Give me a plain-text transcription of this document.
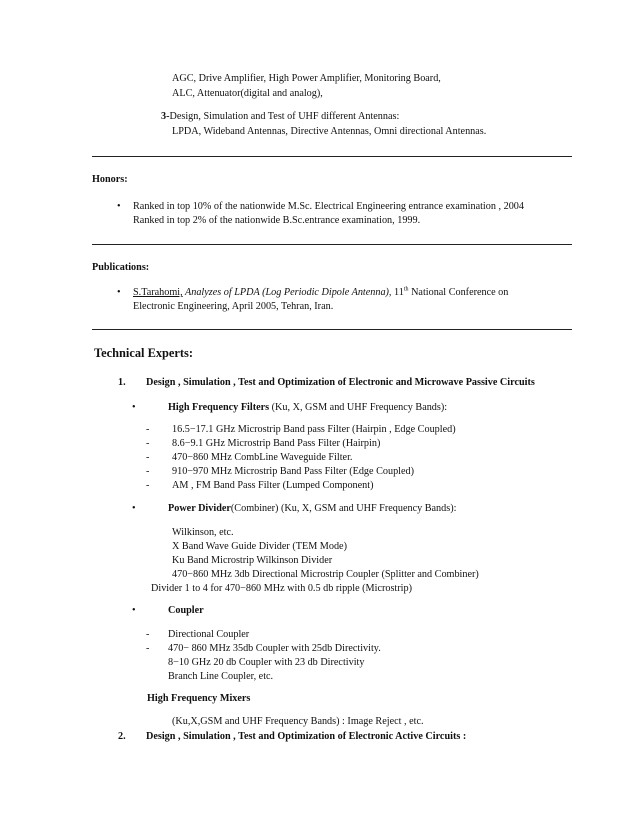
AGC, Drive Amplifier, High Power Amplifier, Monitoring Board,
ALC, Attenuator(digital and analog),
3-Design, Simulation and Test of UHF different Antennas:
LPDA, Wideband Antennas, Directive Antennas, Omni directional Antennas.
Honors:
• Ranked in top 10% of the nationwide M.Sc. Electrical Engineering entrance examination , 2004
Ranked in top 2% of the nationwide B.Sc.entrance examination, 1999.
Publications:
• S.Tarahomi, Analyzes of LPDA (Log Periodic Dipole Antenna), 11th National Conference on
Electronic Engineering, April 2005, Tehran, Iran.
Technical Experts:
1. Design , Simulation , Test and Optimization of Electronic and Microwave Passive Circuits
•	High Frequency Filters (Ku, X, GSM and UHF Frequency Bands):
- 16.5−17.1 GHz Microstrip Band pass Filter (Hairpin , Edge Coupled)
- 8.6−9.1 GHz Microstrip Band Pass Filter (Hairpin)
- 470−860 MHz CombLine Waveguide Filter.
- 910−970 MHz Microstrip Band Pass Filter (Edge Coupled)
- AM , FM Band Pass Filter (Lumped Component)
•	Power Divider(Combiner) (Ku, X, GSM and UHF Frequency Bands):
Wilkinson, etc.
X Band Wave Guide Divider (TEM Mode)
Ku Band Microstrip Wilkinson Divider
470−860 MHz 3db Directional Microstrip Coupler (Splitter and Combiner)
Divider 1 to 4 for 470−860 MHz with 0.5 db ripple (Microstrip)
•	Coupler
- Directional Coupler
- 470− 860 MHz 35db Coupler with 25db Directivity.
8−10 GHz 20 db Coupler with 23 db Directivity
Branch Line Coupler, etc.
High Frequency Mixers
(Ku,X,GSM and UHF Frequency Bands) : Image Reject , etc.
2. Design , Simulation , Test and Optimization of Electronic Active Circuits :
